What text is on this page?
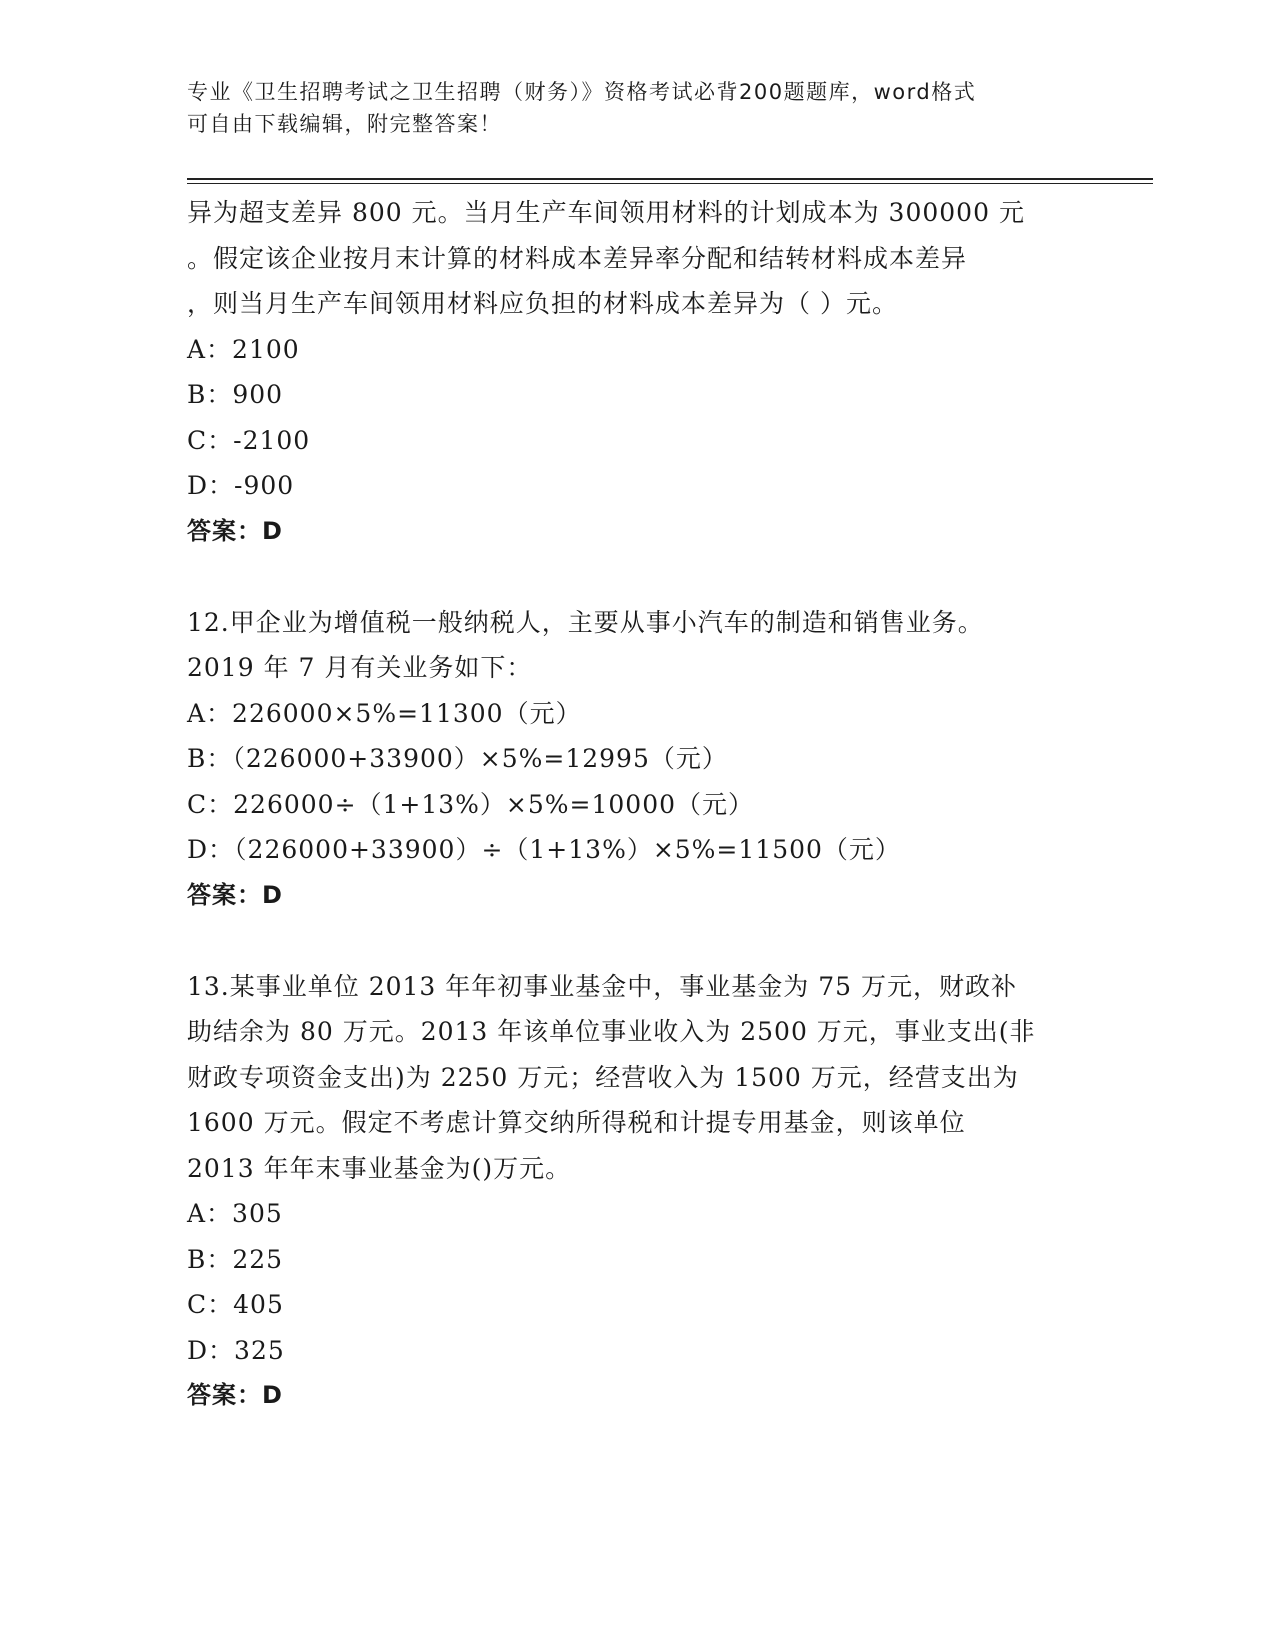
专业《卫生招聘考试之卫生招聘（财务）》资格考试必背200题题库，word格式
可自由下载编辑，附完整答案！
异为超支差异 800 元。当月生产车间领用材料的计划成本为 300000 元
。假定该企业按月末计算的材料成本差异率分配和结转材料成本差异
，则当月生产车间领用材料应负担的材料成本差异为（ ）元。
A：2100
B：900
C：-2100
D：-900
答案：D
12.甲企业为增值税一般纳税人，主要从事小汽车的制造和销售业务。
2019 年 7 月有关业务如下：
A：226000×5%=11300（元）
B：（226000+33900）×5%=12995（元）
C：226000÷（1+13%）×5%=10000（元）
D：（226000+33900）÷（1+13%）×5%=11500（元）
答案：D
13.某事业单位 2013 年年初事业基金中，事业基金为 75 万元，财政补
助结余为 80 万元。2013 年该单位事业收入为 2500 万元，事业支出(非
财政专项资金支出)为 2250 万元；经营收入为 1500 万元，经营支出为
1600 万元。假定不考虑计算交纳所得税和计提专用基金，则该单位
2013 年年末事业基金为()万元。
A：305
B：225
C：405
D：325
答案：D
